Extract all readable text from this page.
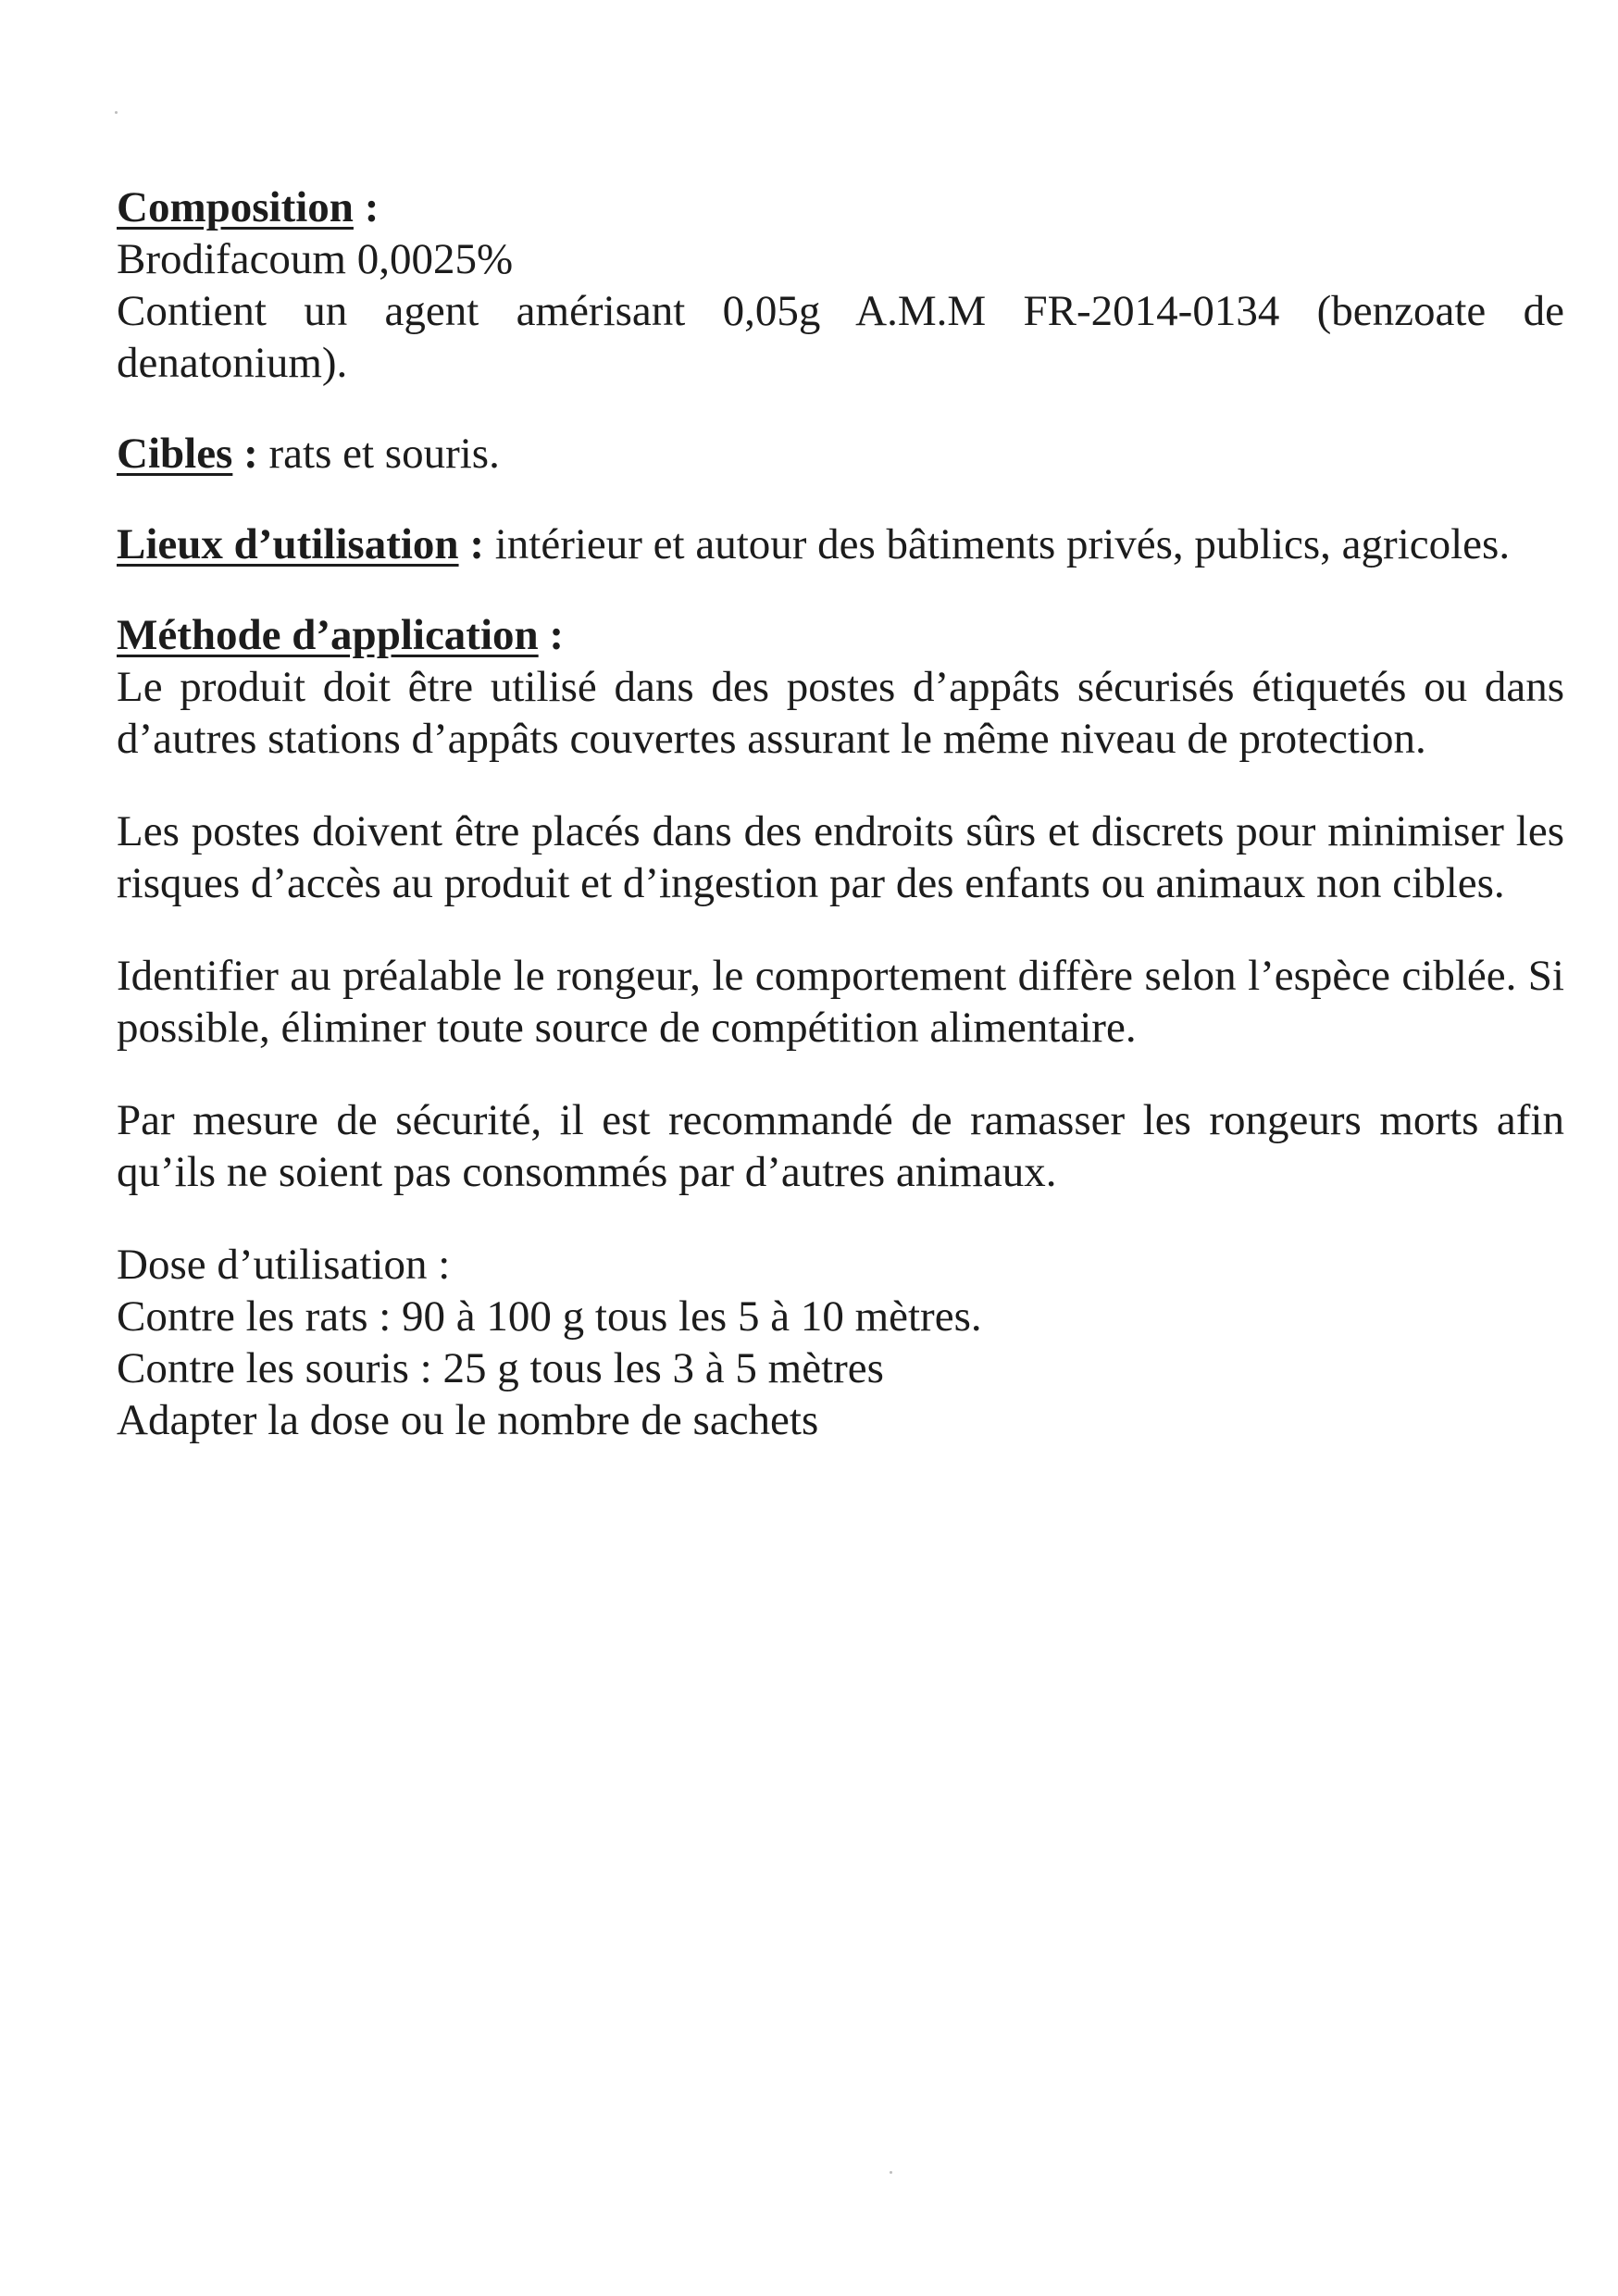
Composition :

Brodifacoum 0,0025%

Contient un agent amérisant 0,05g A.M.M FR-2014-0134 (benzoate de denatonium).

Cibles : rats et souris.

Lieux d’utilisation : intérieur et autour des bâtiments privés, publics, agricoles.

Méthode d’application :

Le produit doit être utilisé dans des postes d’appâts sécurisés étiquetés ou dans d’autres stations d’appâts couvertes assurant le même niveau de protection.

Les postes doivent être placés dans des endroits sûrs et discrets pour minimiser les risques d’accès au produit et d’ingestion par des enfants ou animaux non cibles.

Identifier au préalable le rongeur, le comportement diffère selon l’espèce ciblée. Si possible, éliminer toute source de compétition alimentaire.

Par mesure de sécurité, il est recommandé de ramasser les rongeurs morts afin qu’ils ne soient pas consommés par d’autres animaux.

Dose d’utilisation :

Contre les rats : 90 à 100 g tous les 5 à 10 mètres.

Contre les souris : 25 g tous les 3 à 5 mètres

Adapter la dose ou le nombre de sachets
